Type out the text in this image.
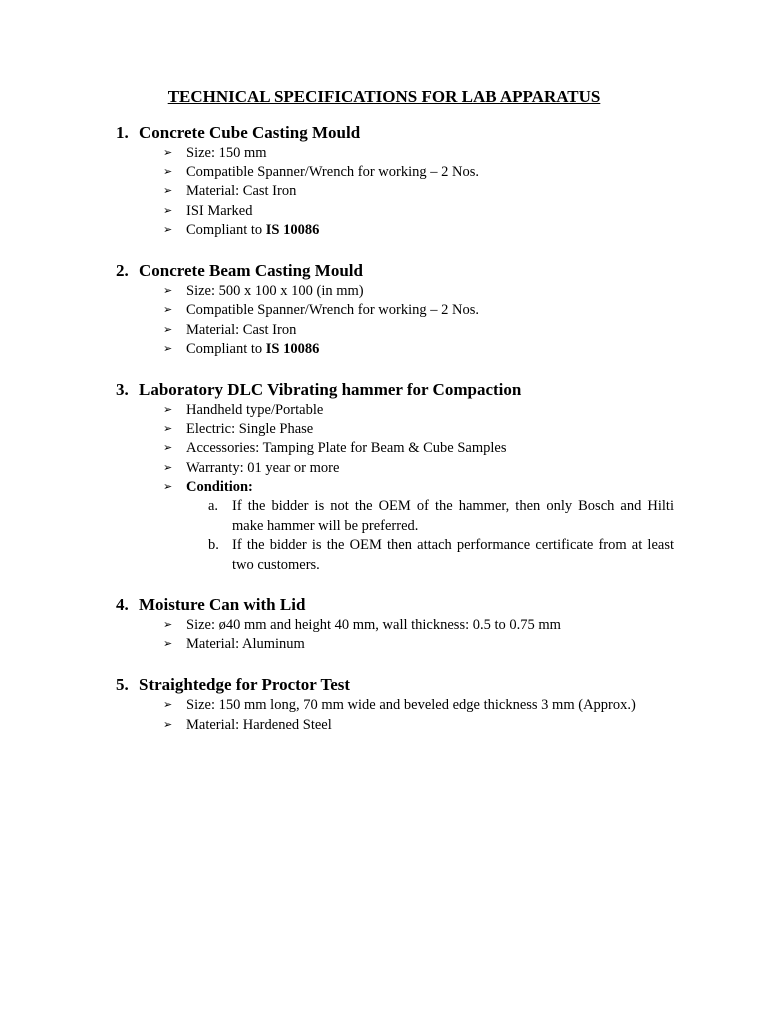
TECHNICAL SPECIFICATIONS FOR LAB APPARATUS
1. Concrete Cube Casting Mould
➢ Size: 150 mm
➢ Compatible Spanner/Wrench for working – 2 Nos.
➢ Material: Cast Iron
➢ ISI Marked
➢ Compliant to IS 10086
2. Concrete Beam Casting Mould
➢ Size: 500 x 100 x 100 (in mm)
➢ Compatible Spanner/Wrench for working – 2 Nos.
➢ Material: Cast Iron
➢ Compliant to IS 10086
3. Laboratory DLC Vibrating hammer for Compaction
➢ Handheld type/Portable
➢ Electric: Single Phase
➢ Accessories: Tamping Plate for Beam & Cube Samples
➢ Warranty: 01 year or more
➢ Condition:
a. If the bidder is not the OEM of the hammer, then only Bosch and Hilti make hammer will be preferred.
b. If the bidder is the OEM then attach performance certificate from at least two customers.
4. Moisture Can with Lid
➢ Size: ø40 mm and height 40 mm, wall thickness: 0.5 to 0.75 mm
➢ Material: Aluminum
5. Straightedge for Proctor Test
➢ Size: 150 mm long, 70 mm wide and beveled edge thickness 3 mm (Approx.)
➢ Material: Hardened Steel
